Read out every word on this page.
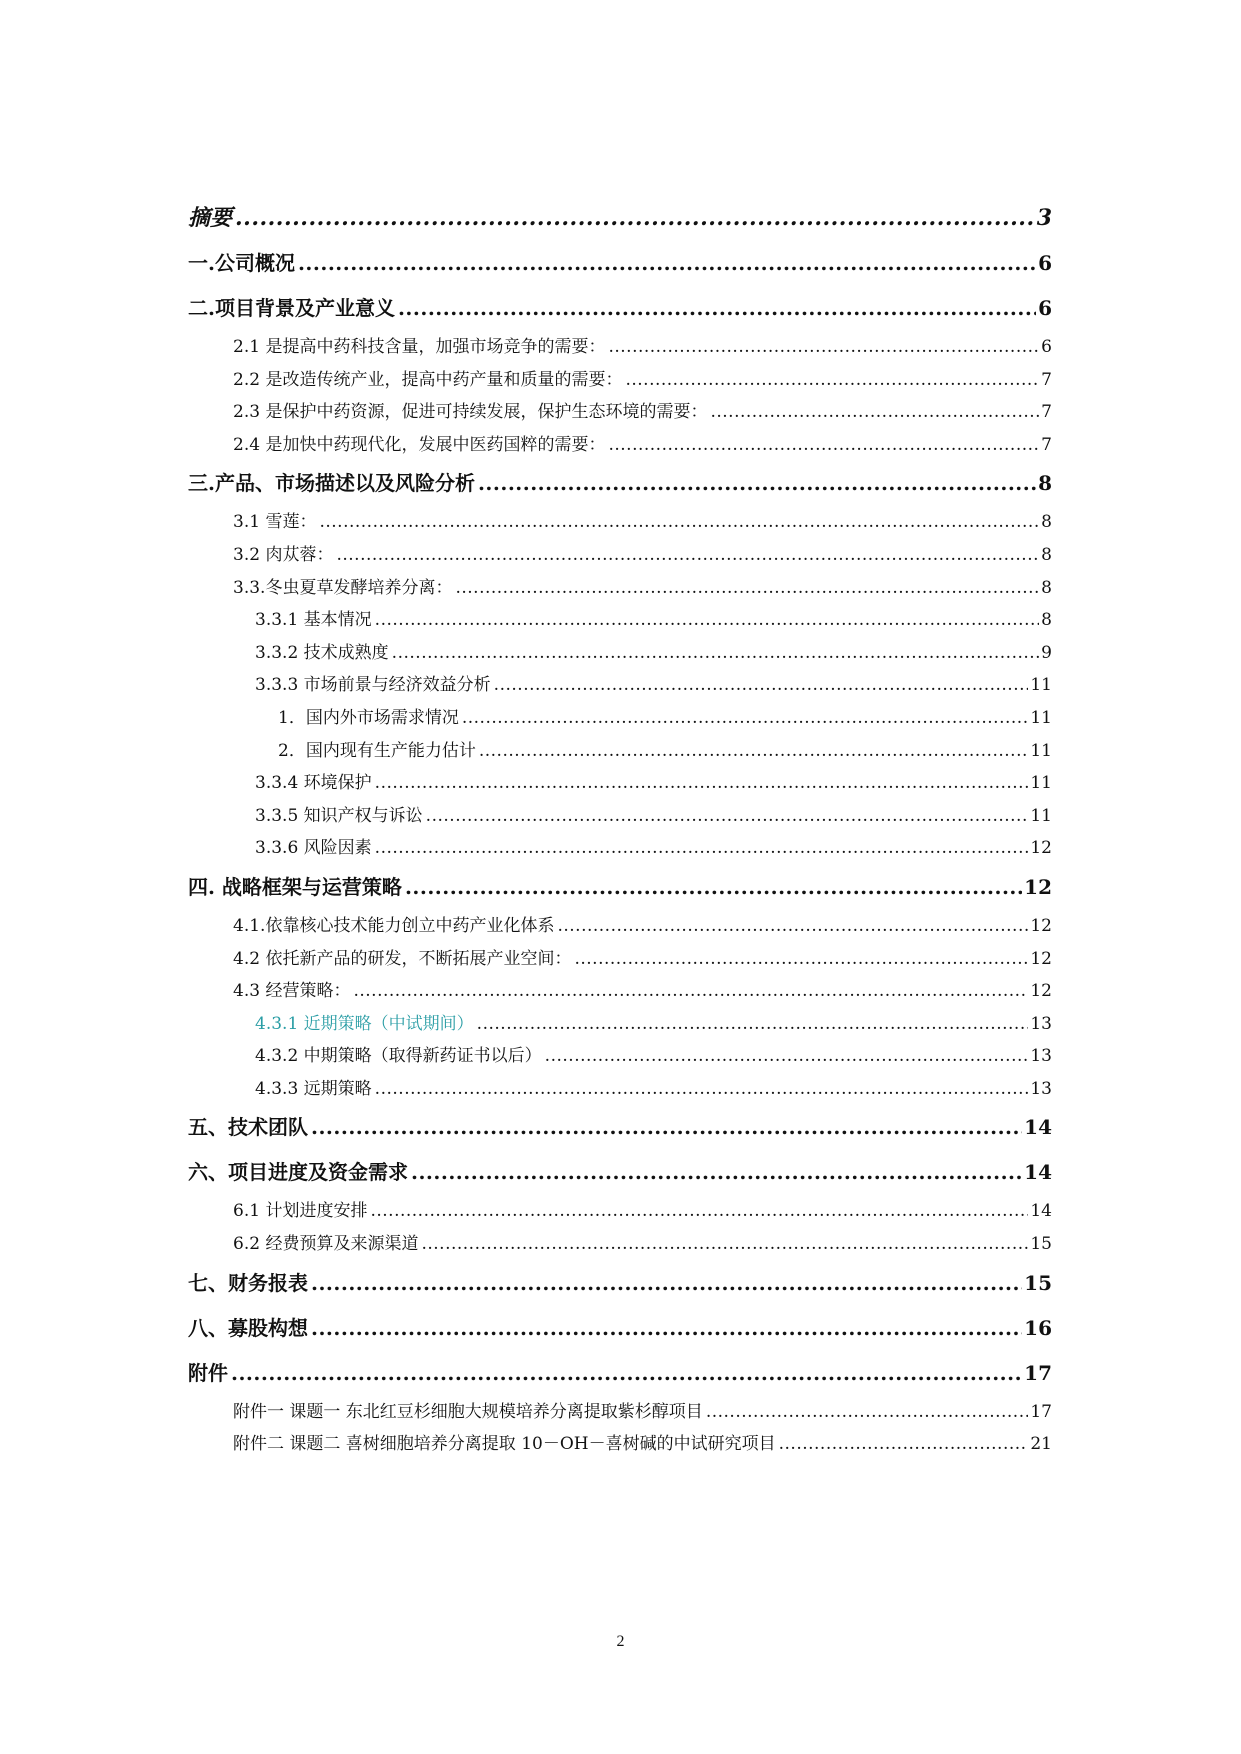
摘要 .....	3
一.公司概况 .....	6
二.项目背景及产业意义 .....	6
2.1 是提高中药科技含量，加强市场竞争的需要： .....	6
2.2 是改造传统产业，提高中药产量和质量的需要： .....	7
2.3 是保护中药资源，促进可持续发展，保护生态环境的需要： .....	7
2.4 是加快中药现代化，发展中医药国粹的需要： .....	7
三.产品、市场描述以及风险分析 .....	8
3.1 雪莲： .....	8
3.2 肉苁蓉： .....	8
3.3.冬虫夏草发酵培养分离： .....	8
3.3.1 基本情况 .....	8
3.3.2 技术成熟度 .....	9
3.3.3 市场前景与经济效益分析 .....	11
1．国内外市场需求情况 .....	11
2．国内现有生产能力估计 .....	11
3.3.4 环境保护 .....	11
3.3.5 知识产权与诉讼 .....	11
3.3.6 风险因素 .....	12
四. 战略框架与运营策略 .....	12
4.1.依靠核心技术能力创立中药产业化体系 .....	12
4.2 依托新产品的研发，不断拓展产业空间： .....	12
4.3 经营策略： .....	12
4.3.1 近期策略（中试期间） .....	13
4.3.2 中期策略（取得新药证书以后） .....	13
4.3.3 远期策略 .....	13
五、技术团队 .....	14
六、项目进度及资金需求 .....	14
6.1 计划进度安排 .....	14
6.2 经费预算及来源渠道 .....	15
七、财务报表 .....	15
八、募股构想 .....	16
附件 .....	17
附件一 课题一 东北红豆杉细胞大规模培养分离提取紫杉醇项目 .....	17
附件二 课题二 喜树细胞培养分离提取 10－OH－喜树碱的中试研究项目 .....	21
2
